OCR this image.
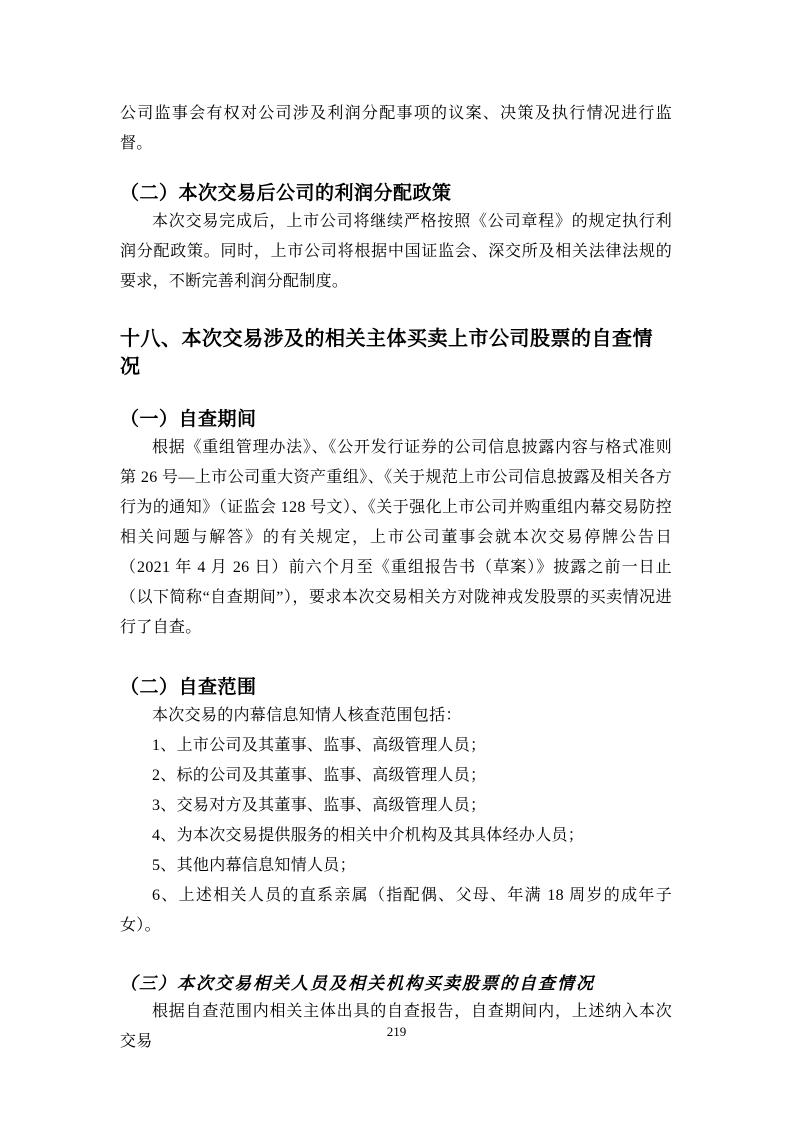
公司监事会有权对公司涉及利润分配事项的议案、决策及执行情况进行监督。

（二）本次交易后公司的利润分配政策

本次交易完成后，上市公司将继续严格按照《公司章程》的规定执行利润分配政策。同时，上市公司将根据中国证监会、深交所及相关法律法规的要求，不断完善利润分配制度。

十八、本次交易涉及的相关主体买卖上市公司股票的自查情况
（一）自查期间

根据《重组管理办法》、《公开发行证券的公司信息披露内容与格式准则第 26 号—上市公司重大资产重组》、《关于规范上市公司信息披露及相关各方行为的通知》（证监会 128 号文）、《关于强化上市公司并购重组内幕交易防控相关问题与解答》的有关规定，上市公司董事会就本次交易停牌公告日（2021 年 4 月 26 日）前六个月至《重组报告书（草案）》披露之前一日止（以下简称“自查期间”），要求本次交易相关方对陇神戎发股票的买卖情况进行了自查。

（二）自查范围

本次交易的内幕信息知情人核查范围包括：

1、上市公司及其董事、监事、高级管理人员；

2、标的公司及其董事、监事、高级管理人员；

3、交易对方及其董事、监事、高级管理人员；

4、为本次交易提供服务的相关中介机构及其具体经办人员；

5、其他内幕信息知情人员；

6、上述相关人员的直系亲属（指配偶、父母、年满 18 周岁的成年子女）。

（三）本次交易相关人员及相关机构买卖股票的自查情况

根据自查范围内相关主体出具的自查报告，自查期间内，上述纳入本次交易

219
